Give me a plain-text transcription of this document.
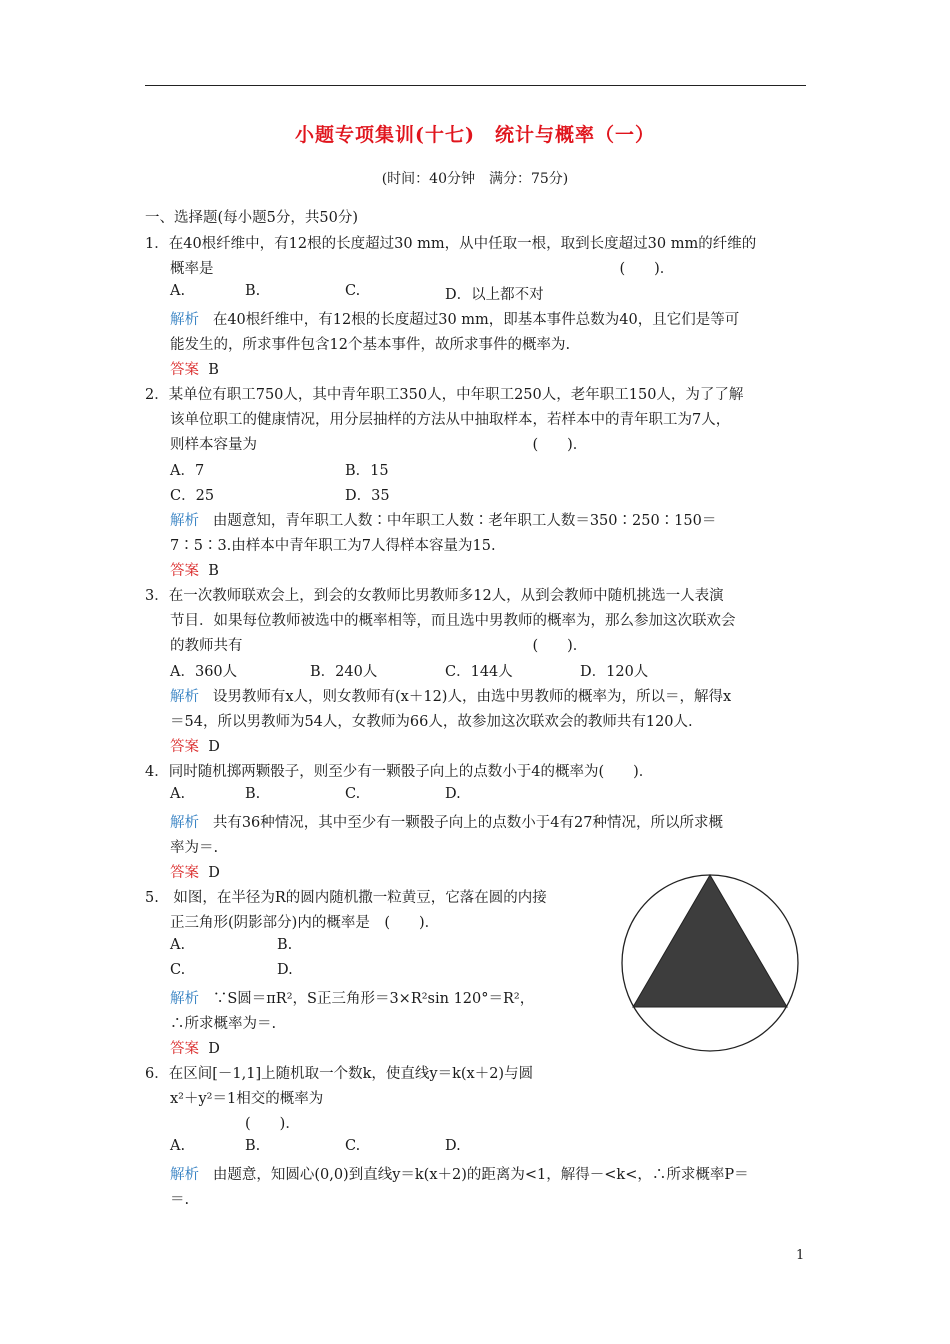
小题专项集训(十七)　统计与概率（一）
(时间：40分钟　满分：75分)
一、选择题(每小题5分，共50分)
1．在40根纤维中，有12根的长度超过30 mm，从中任取一根，取到长度超过30 mm的纤维的
概率是　　　　　　　　　　　　　　　　　　　　　　　　　　　　(　　)．
A.	B.	C.	D．以上都不对
解析 在40根纤维中，有12根的长度超过30 mm，即基本事件总数为40，且它们是等可
能发生的，所求事件包含12个基本事件，故所求事件的概率为.
答案 B
2．某单位有职工750人，其中青年职工350人，中年职工250人，老年职工150人，为了了解
该单位职工的健康情况，用分层抽样的方法从中抽取样本，若样本中的青年职工为7人，
则样本容量为　　　　　　　　　　　　　　　　　　　(　　)．
A．7	B．15
C．25	D．35
解析 由题意知，青年职工人数∶中年职工人数∶老年职工人数＝350∶250∶150＝
7∶5∶3.由样本中青年职工为7人得样本容量为15.
答案 B
3．在一次教师联欢会上，到会的女教师比男教师多12人，从到会教师中随机挑选一人表演
节目．如果每位教师被选中的概率相等，而且选中男教师的概率为，那么参加这次联欢会
的教师共有　　　　　　　　　　　　　　　　　　　　(　　)．
A．360人	B．240人	C．144人	D．120人
解析 设男教师有x人，则女教师有(x＋12)人，由选中男教师的概率为，所以＝，解得x
＝54，所以男教师为54人，女教师为66人，故参加这次联欢会的教师共有120人.
答案 D
4．同时随机掷两颗骰子，则至少有一颗骰子向上的点数小于4的概率为(　　)．
A.	B.	C.	D.
解析 共有36种情况，其中至少有一颗骰子向上的点数小于4有27种情况，所以所求概
率为＝.
答案 D
5.　如图，在半径为R的圆内随机撒一粒黄豆，它落在圆的内接
正三角形(阴影部分)内的概率是　(　　)．
A.	B.
C.	D.
解析 ∵S圆＝πR²，S正三角形＝3×R²sin 120°＝R²，
∴所求概率为＝.
答案 D
6．在区间[－1,1]上随机取一个数k，使直线y＝k(x＋2)与圆
x²＋y²＝1相交的概率为
(　　)．
A.	B.	C.	D.
解析 由题意，知圆心(0,0)到直线y＝k(x＋2)的距离为<1，解得－<k<，∴所求概率P＝
＝.
1
